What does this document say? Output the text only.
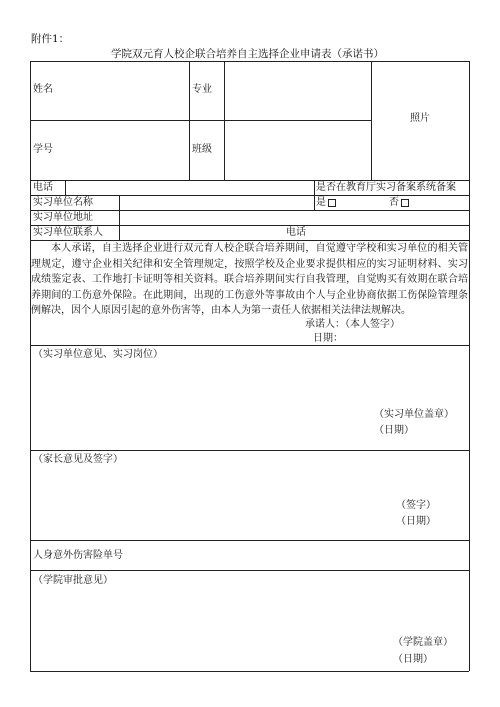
附件1：
学院双元育人校企联合培养自主选择企业申请表（承诺书）
姓名	专业
照片
学号	班级
电话	是否在教育厅实习备案系统备案
实习单位名称	是	否
实习单位地址
实习单位联系人	电话

本人承诺，自主选择企业进行双元育人校企联合培养期间，自觉遵守学校和实习单位的相关管理规定，遵守企业相关纪律和安全管理规定，按照学校及企业要求提供相应的实习证明材料、实习成绩鉴定表、工作地打卡证明等相关资料。联合培养期间实行自我管理，自觉购买有效期在联合培养期间的工伤意外保险。在此期间，出现的工伤意外等事故由个人与企业协商依据工伤保险管理条例解决，因个人原因引起的意外伤害等，由本人为第一责任人依据相关法律法规解决。

承诺人：（本人签字）
日期：
（实习单位意见、实习岗位）
（实习单位盖章）
（日期）
（家长意见及签字）
（签字）
（日期）
人身意外伤害险单号
（学院审批意见）
（学院盖章）
（日期）
